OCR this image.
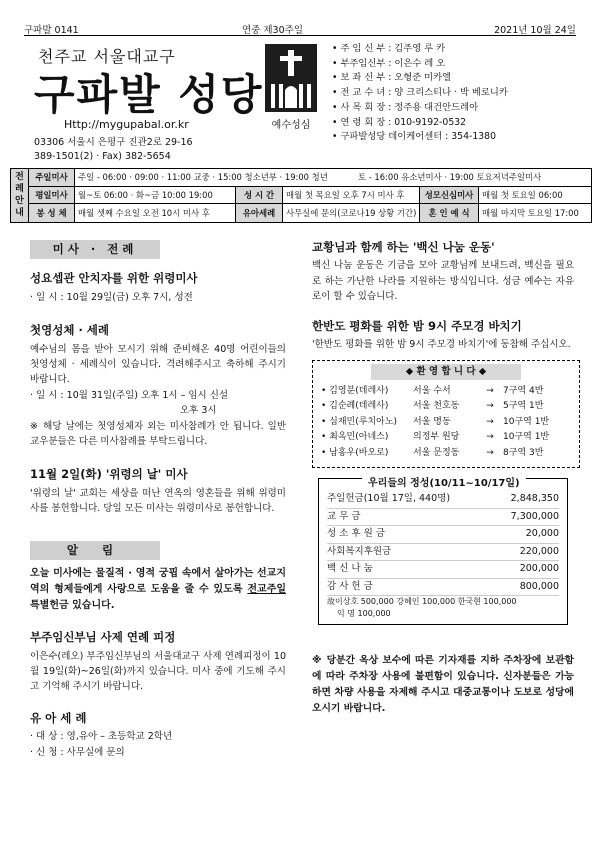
구파발 0141	연중 제30주일	2021년 10월 24일
천주교 서울대교구
구파발 성당
Http://mygupabal.or.kr
03306 서울시 은평구 진관2로 29-16
389-1501(2) · Fax) 382-5654
예수성심
• 주 임 신 부 : 김주영 루 카
• 부주임신부 : 이은수 레 오
• 보 좌 신 부 : 오형준 미카엘
• 전 교 수 녀 : 양 크리스티나 · 박 베로니카
• 사 목 회 장 : 정주용 대건안드레아
• 연 령 회 장 : 010-9192-0532
• 구파발성당 데이케어센터 : 354-1380
전례안내
주일미사	주일 - 06:00 · 09:00 · 11:00 교중 · 15:00 청소년부 · 19:00 청년	토 - 16:00 유소년미사 · 19:00 토요저녁주일미사
평일미사	월~토 06:00 · 화~금 10:00 19:00	성 시 간	매월 첫 목요일 오후 7시 미사 후	성모신심미사	매월 첫 토요일 06:00
봉 성 체	매월 셋째 수요일 오전 10시 미사 후	유아세례	사무실에 문의(코로나19 상황 기간)	혼 인 예 식	매월 마지막 토요일 17:00
미사 · 전례
성요셉관 안치자를 위한 위령미사
· 일 시 : 10월 29일(금) 오후 7시, 성전
첫영성체 · 세례
예수님의 몸을 받아 모시기 위해 준비해온 40명 어린이들의 첫영성체 · 세례식이 있습니다. 격려해주시고 축하해 주시기 바랍니다.
· 일 시 : 10월 31일(주일) 오후 1시 – 임시 신설
오후 3시
※ 해당 날에는 첫영성체자 외는 미사참례가 안 됩니다. 일반 교우분들은 다른 미사참례를 부탁드립니다.
11월 2일(화) '위령의 날' 미사
'위령의 날' 교회는 세상을 떠난 연옥의 영혼들을 위해 위령미사를 봉헌합니다. 당일 모든 미사는 위령미사로 봉헌합니다.
알 림
오늘 미사에는 물질적 · 영적 궁핍 속에서 살아가는 선교지역의 형제들에게 사랑으로 도움을 줄 수 있도록 전교주일 특별헌금 있습니다.
부주임신부님 사제 연례 피정
이은수(레오) 부주임신부님의 서울대교구 사제 연례피정이 10월 19일(화)~26일(화)까지 있습니다. 미사 중에 기도해 주시고 기억해 주시기 바랍니다.
유 아 세 례
· 대 상 : 영,유아 – 초등학교 2학년
· 신 청 : 사무실에 문의
교황님과 함께 하는 '백신 나눔 운동'
백신 나눔 운동은 기금을 모아 교황님께 보내드려, 백신을 필요로 하는 가난한 나라를 지원하는 방식입니다. 성금 예수는 자유로이 할 수 있습니다.
한반도 평화를 위한 밤 9시 주모경 바치기
'한반도 평화를 위한 밤 9시 주모경 바치기'에 동참해 주십시오.
◆ 환 영 합 니 다 ◆
• 김영분(데레사)	서울 수서	→	7구역 4반
• 김순례(데레사)	서울 천호동	→	5구역 1반
• 심재민(루치아노)	서울 명동	→	10구역 1반
• 최옥민(아네스)	의정부 원당	→	10구역 1반
• 남홍우(바오로)	서울 문정동	→	8구역 3반
우리들의 정성(10/11~10/17일)
주일헌금(10월 17일, 440명)	2,848,350
교 무 금	7,300,000
성 소 후 원 금	20,000
사회복지후원금	220,000
백 신 나 눔	200,000
감 사 헌 금	800,000
故이상호 500,000 강혜인 100,000 한국현 100,000
익 명 100,000
※ 당분간 옥상 보수에 따른 기자재를 지하 주차장에 보관함에 따라 주차장 사용에 불편함이 있습니다. 신자분들은 가능하면 차량 사용을 자제해 주시고 대중교통이나 도보로 성당에 오시기 바랍니다.
